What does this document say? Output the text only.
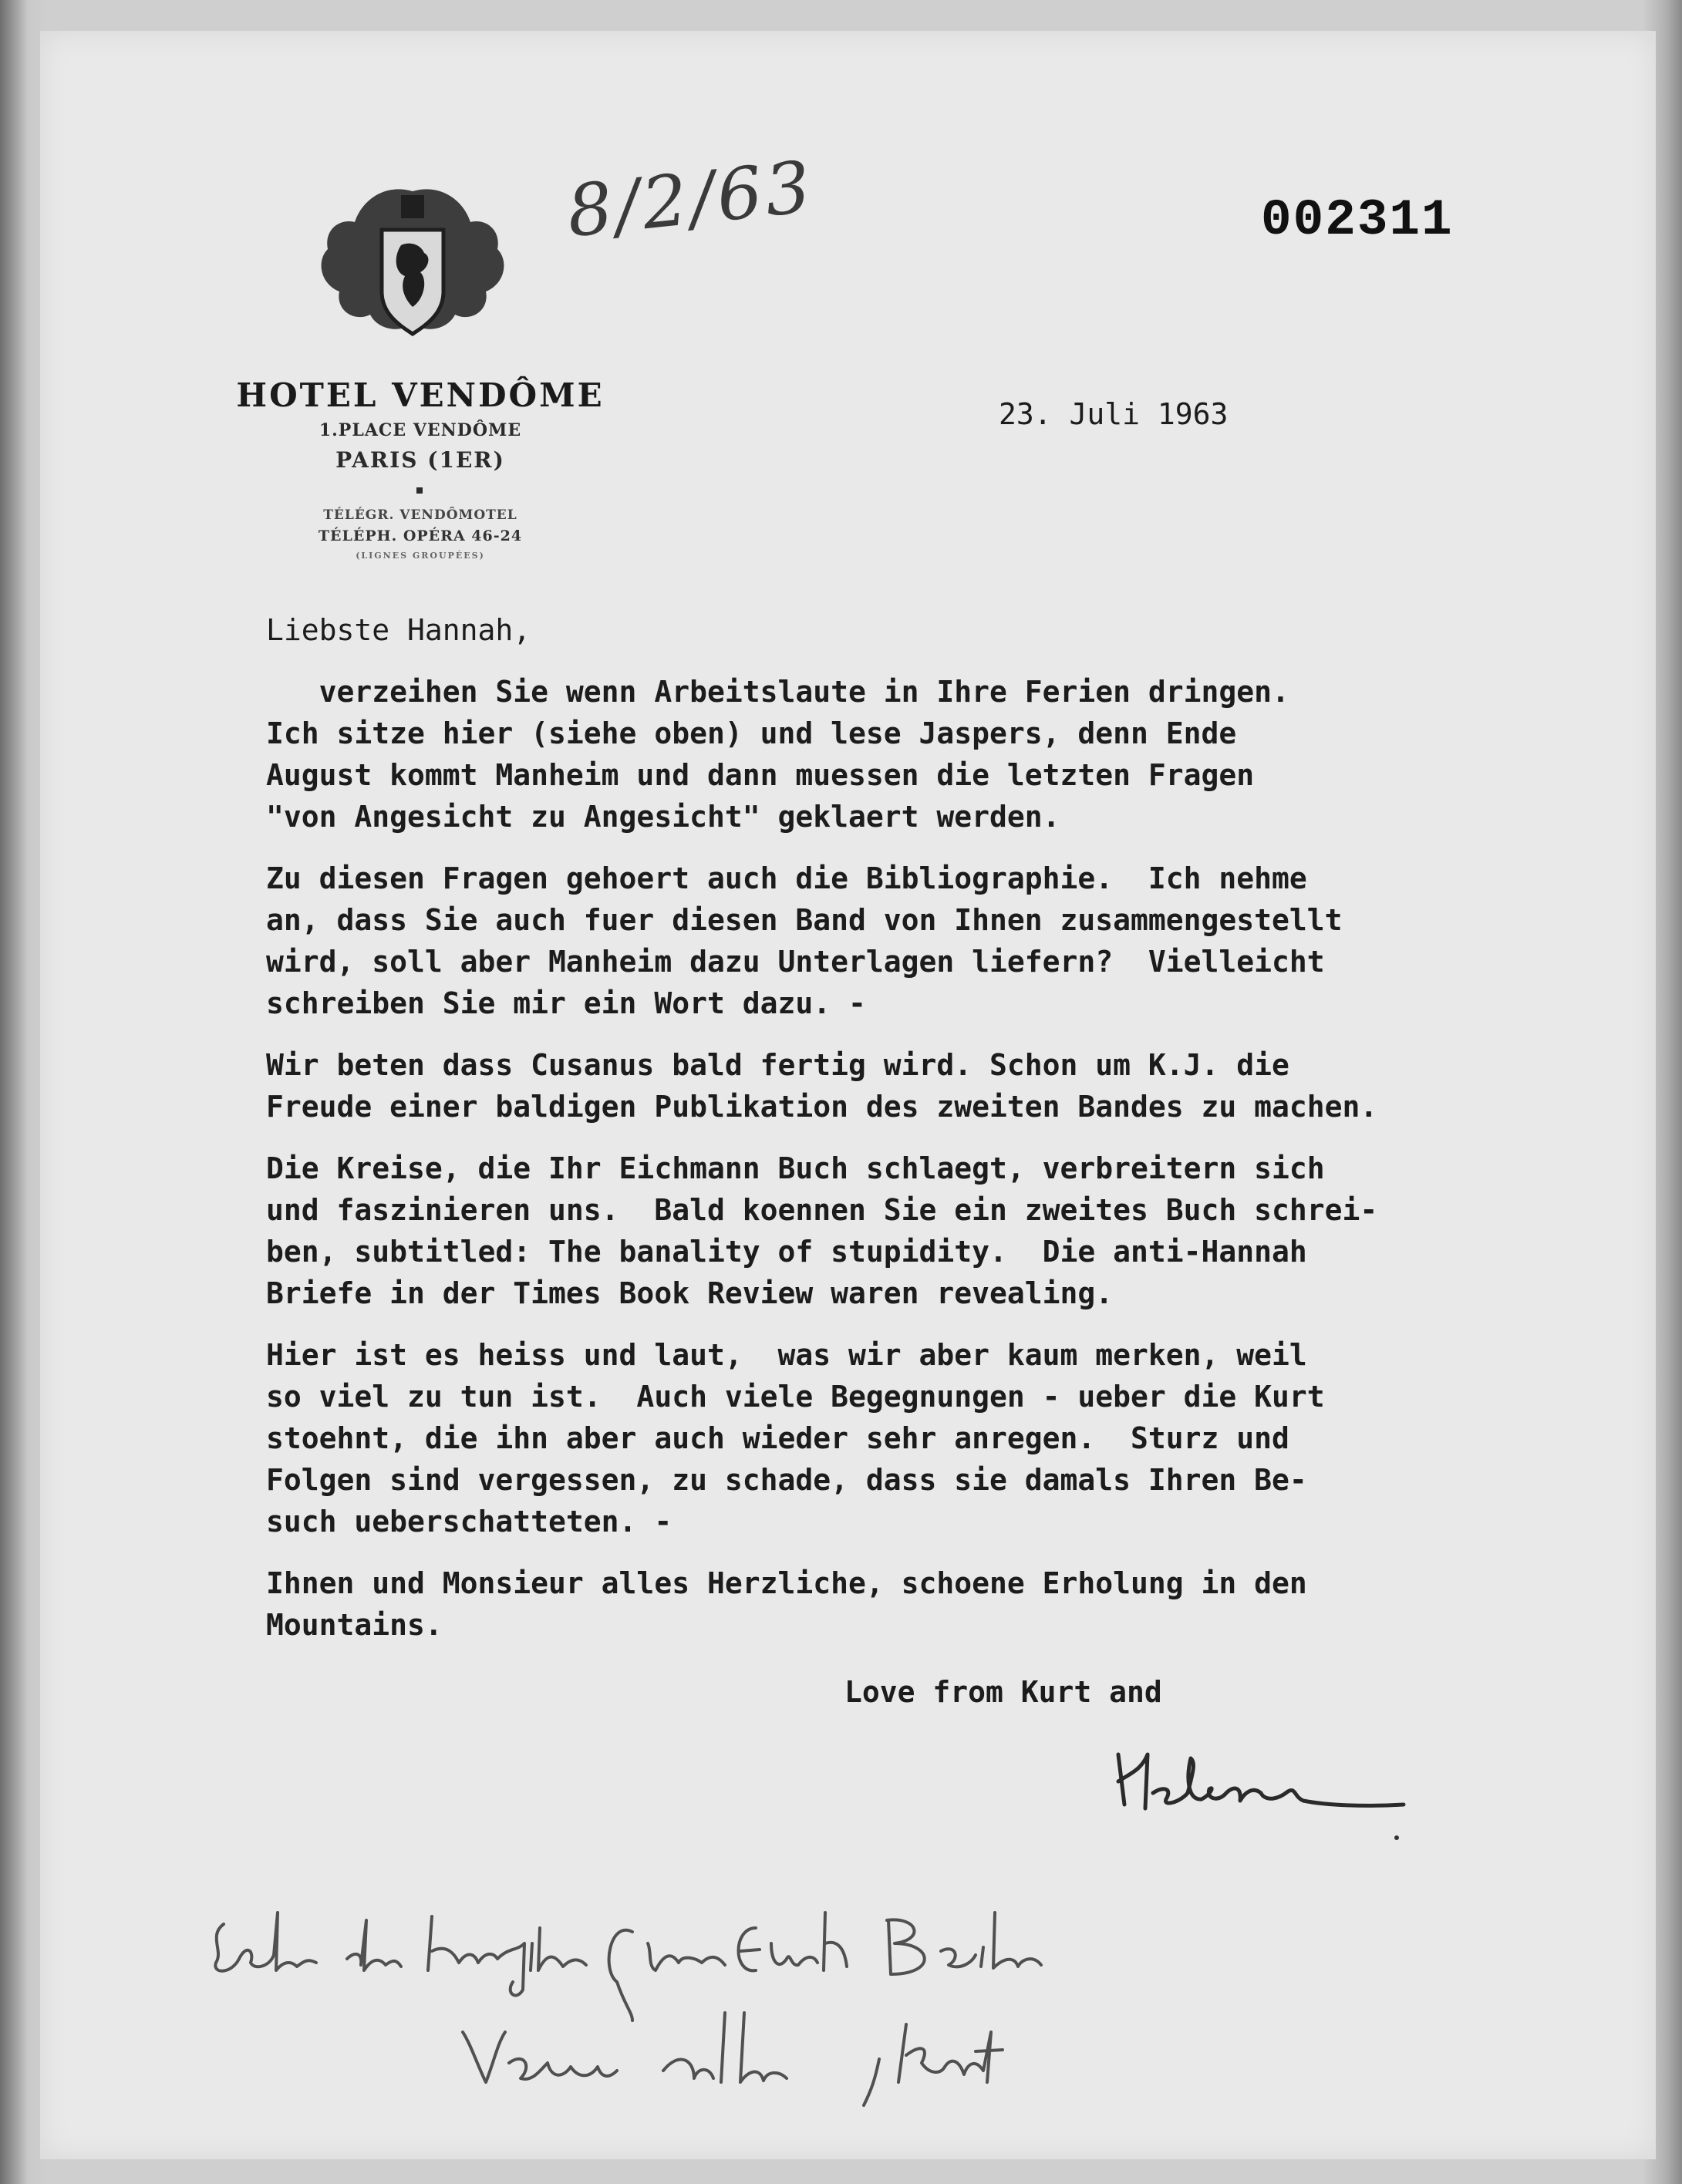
HOTEL VENDÔME
1.PLACE VENDÔME
PARIS (1ER)
TÉLÉGR. VENDÔMOTEL
TÉLÉPH. OPÉRA 46-24
(LIGNES GROUPÉES)
8/2/63	002311
23. Juli 1963
Liebste Hannah,
verzeihen Sie wenn Arbeitslaute in Ihre Ferien dringen.
Ich sitze hier (siehe oben) und lese Jaspers, denn Ende
August kommt Manheim und dann muessen die letzten Fragen
"von Angesicht zu Angesicht" geklaert werden.
Zu diesen Fragen gehoert auch die Bibliographie.  Ich nehme
an, dass Sie auch fuer diesen Band von Ihnen zusammengestellt
wird, soll aber Manheim dazu Unterlagen liefern?  Vielleicht
schreiben Sie mir ein Wort dazu. -
Wir beten dass Cusanus bald fertig wird. Schon um K.J. die
Freude einer baldigen Publikation des zweiten Bandes zu machen.
Die Kreise, die Ihr Eichmann Buch schlaegt, verbreitern sich
und faszinieren uns.  Bald koennen Sie ein zweites Buch schrei-
ben, subtitled: The banality of stupidity.  Die anti-Hannah
Briefe in der Times Book Review waren revealing.
Hier ist es heiss und laut,  was wir aber kaum merken, weil
so viel zu tun ist.  Auch viele Begegnungen - ueber die Kurt
stoehnt, die ihn aber auch wieder sehr anregen.  Sturz und
Folgen sind vergessen, zu schade, dass sie damals Ihren Be-
such ueberschatteten. -
Ihnen und Monsieur alles Herzliche, schoene Erholung in den
Mountains.
Love from Kurt and
